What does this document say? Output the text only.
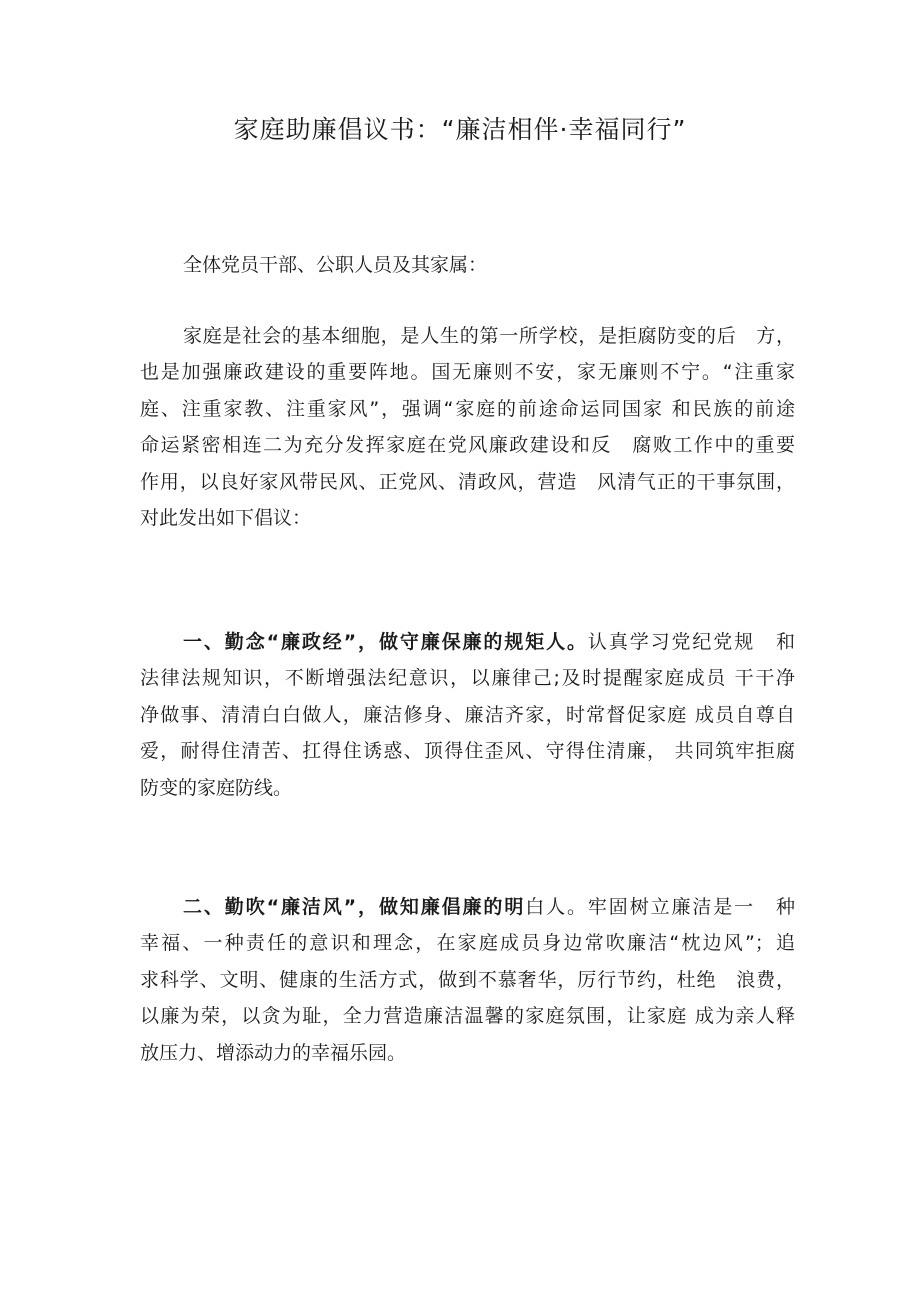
家庭助廉倡议书：“廉洁相伴·幸福同行”
全体党员干部、公职人员及其家属：
家庭是社会的基本细胞，是人生的第一所学校，是拒腐防变的后　方，
也是加强廉政建设的重要阵地。国无廉则不安，家无廉则不宁。“注重家
庭、注重家教、注重家风”，强调“家庭的前途命运同国家 和民族的前途
命运紧密相连二为充分发挥家庭在党风廉政建设和反　腐败工作中的重要
作用，以良好家风带民风、正党风、清政风，营造　风清气正的干事氛围，
对此发出如下倡议：
一、勤念“廉政经”，做守廉保廉的规矩人。认真学习党纪党规　和
法律法规知识，不断增强法纪意识，以廉律己;及时提醒家庭成员 干干净
净做事、清清白白做人，廉洁修身、廉洁齐家，时常督促家庭 成员自尊自
爱，耐得住清苦、扛得住诱惑、顶得住歪风、守得住清廉， 共同筑牢拒腐
防变的家庭防线。
二、勤吹“廉洁风”，做知廉倡廉的明白人。牢固树立廉洁是一　种
幸福、一种责任的意识和理念，在家庭成员身边常吹廉洁“枕边风”；追
求科学、文明、健康的生活方式，做到不慕奢华，厉行节约，杜绝　浪费，
以廉为荣，以贪为耻，全力营造廉洁温馨的家庭氛围，让家庭 成为亲人释
放压力、增添动力的幸福乐园。
